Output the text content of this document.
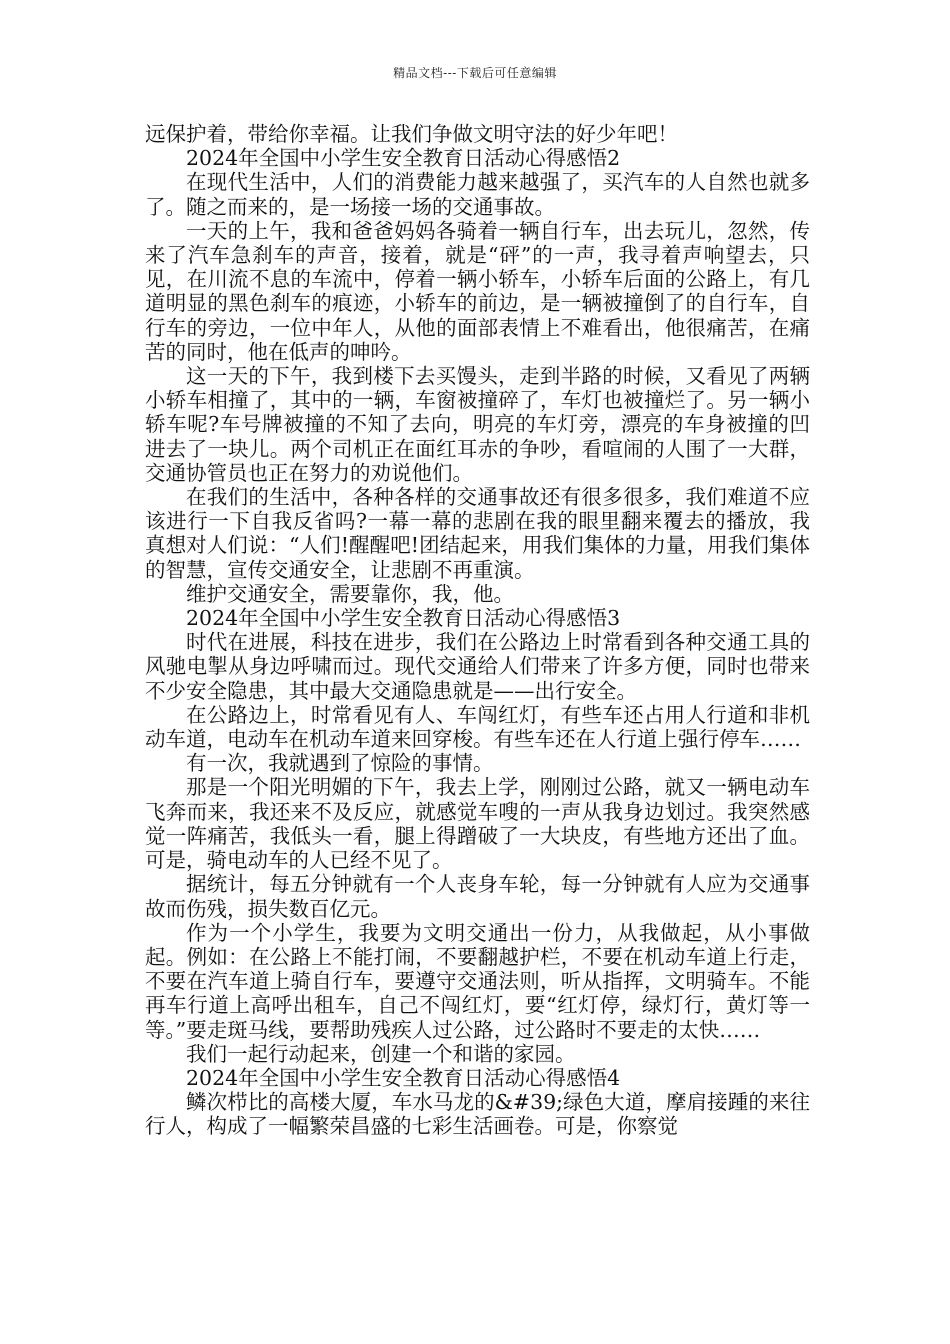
精品文档---下载后可任意编辑

远保护着，带给你幸福。让我们争做文明守法的好少年吧！

2024年全国中小学生安全教育日活动心得感悟2

在现代生活中，人们的消费能力越来越强了，买汽车的人自然也就多了。随之而来的，是一场接一场的交通事故。

一天的上午，我和爸爸妈妈各骑着一辆自行车，出去玩儿，忽然，传来了汽车急刹车的声音，接着，就是“砰”的一声，我寻着声响望去，只见，在川流不息的车流中，停着一辆小轿车，小轿车后面的公路上，有几道明显的黑色刹车的痕迹，小轿车的前边，是一辆被撞倒了的自行车，自行车的旁边，一位中年人，从他的面部表情上不难看出，他很痛苦，在痛苦的同时，他在低声的呻吟。

这一天的下午，我到楼下去买馒头，走到半路的时候，又看见了两辆小轿车相撞了，其中的一辆，车窗被撞碎了，车灯也被撞烂了。另一辆小轿车呢?车号牌被撞的不知了去向，明亮的车灯旁，漂亮的车身被撞的凹进去了一块儿。两个司机正在面红耳赤的争吵，看喧闹的人围了一大群，交通协管员也正在努力的劝说他们。

在我们的生活中，各种各样的交通事故还有很多很多，我们难道不应该进行一下自我反省吗?一幕一幕的悲剧在我的眼里翻来覆去的播放，我真想对人们说：“人们!醒醒吧!团结起来，用我们集体的力量，用我们集体的智慧，宣传交通安全，让悲剧不再重演。

维护交通安全，需要靠你，我，他。

2024年全国中小学生安全教育日活动心得感悟3

时代在进展，科技在进步，我们在公路边上时常看到各种交通工具的风驰电掣从身边呼啸而过。现代交通给人们带来了许多方便，同时也带来不少安全隐患，其中最大交通隐患就是——出行安全。

在公路边上，时常看见有人、车闯红灯，有些车还占用人行道和非机动车道，电动车在机动车道来回穿梭。有些车还在人行道上强行停车……

有一次，我就遇到了惊险的事情。

那是一个阳光明媚的下午，我去上学，刚刚过公路，就又一辆电动车飞奔而来，我还来不及反应，就感觉车嗖的一声从我身边划过。我突然感觉一阵痛苦，我低头一看，腿上得蹭破了一大块皮，有些地方还出了血。可是，骑电动车的人已经不见了。

据统计，每五分钟就有一个人丧身车轮，每一分钟就有人应为交通事故而伤残，损失数百亿元。

作为一个小学生，我要为文明交通出一份力，从我做起，从小事做起。例如：在公路上不能打闹，不要翻越护栏，不要在机动车道上行走，不要在汽车道上骑自行车，要遵守交通法则，听从指挥，文明骑车。不能再车行道上高呼出租车，自己不闯红灯，要“红灯停，绿灯行，黄灯等一等。”要走斑马线，要帮助残疾人过公路，过公路时不要走的太快……

我们一起行动起来，创建一个和谐的家园。

2024年全国中小学生安全教育日活动心得感悟4

鳞次栉比的高楼大厦，车水马龙的&#39;绿色大道，摩肩接踵的来往行人，构成了一幅繁荣昌盛的七彩生活画卷。可是，你察觉
